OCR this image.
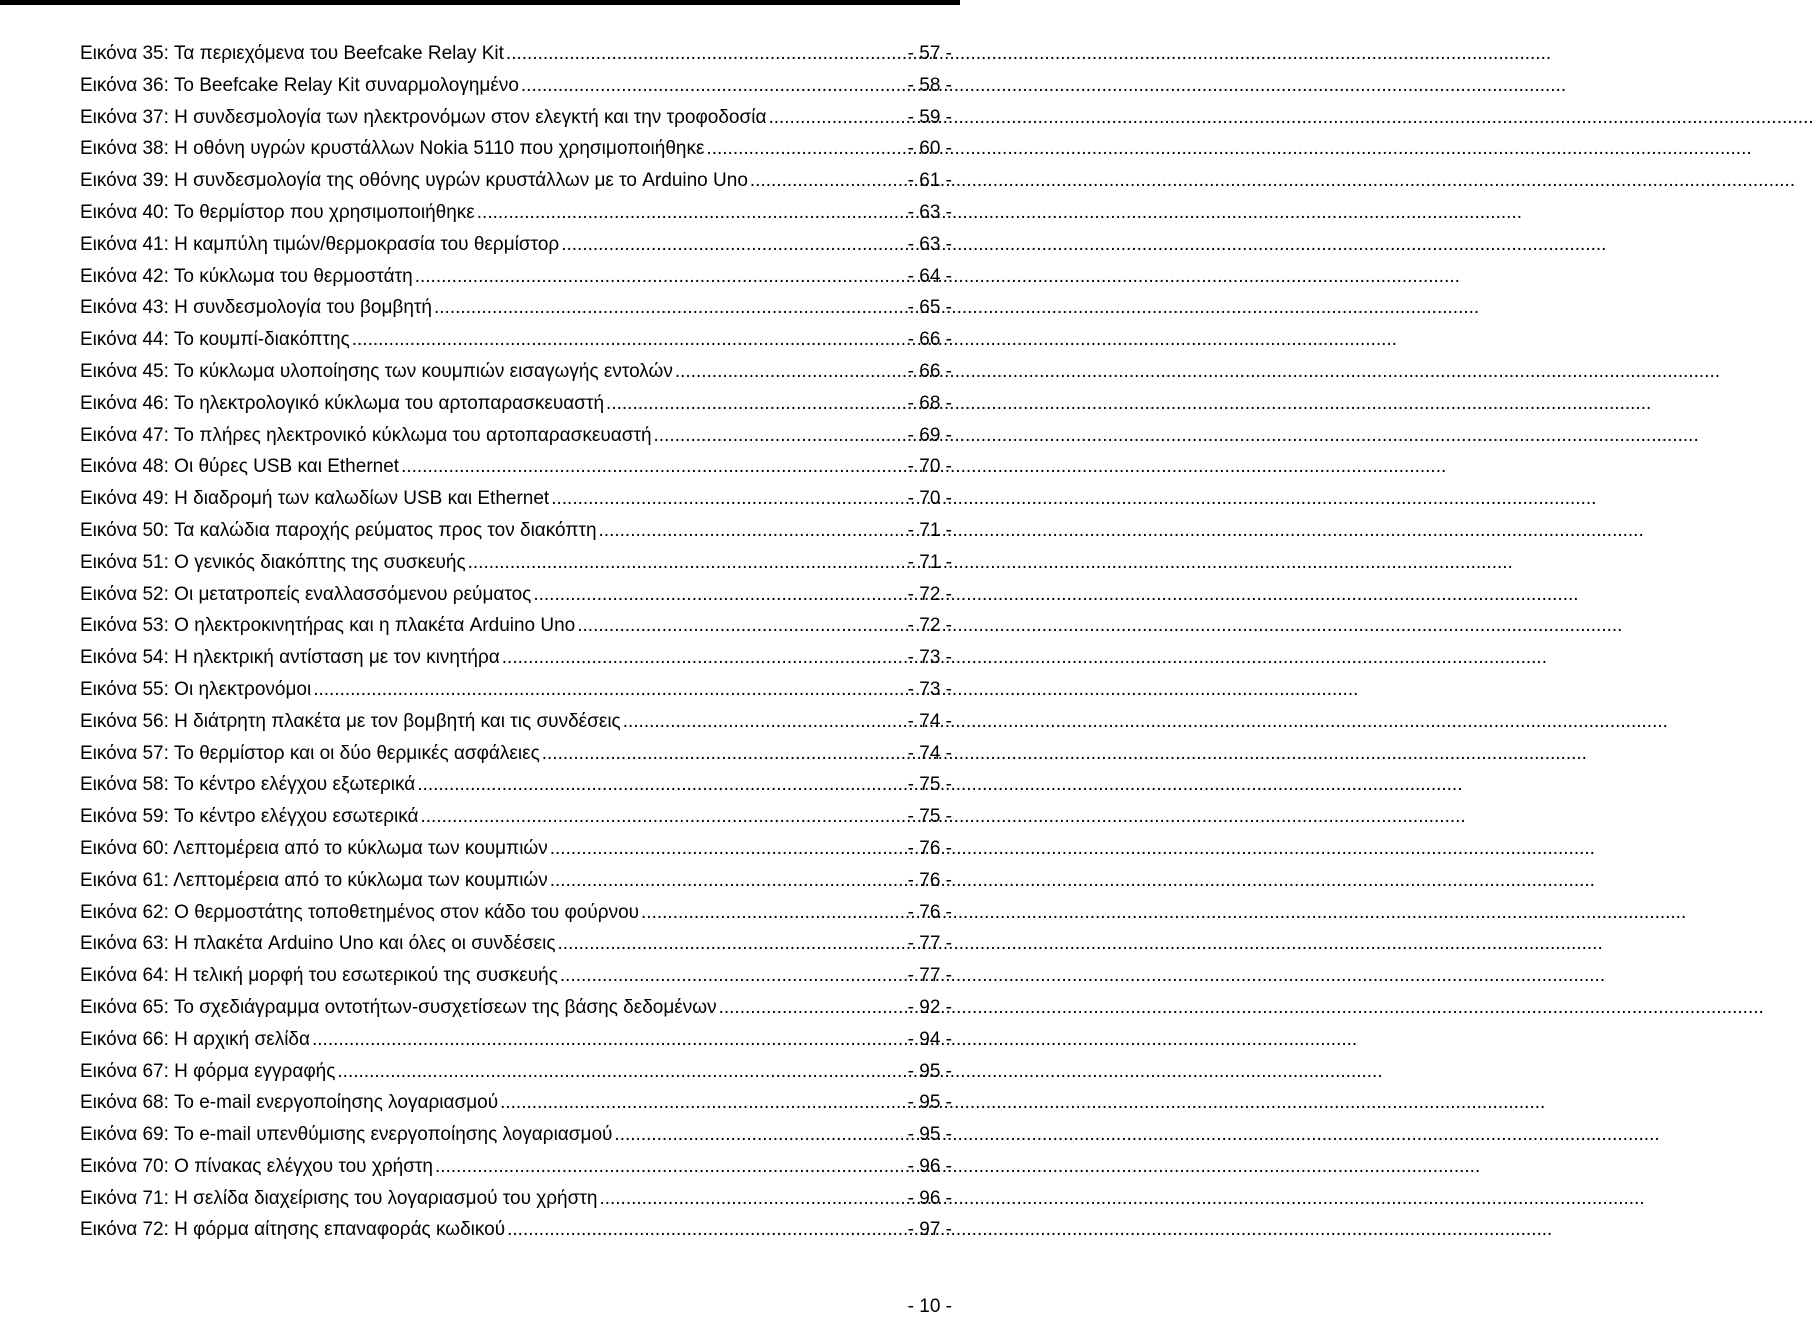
Εικόνα 35: Τα περιεχόμενα του Beefcake Relay Kit .....	- 57 -
Εικόνα 36: Το Beefcake Relay Kit συναρμολογημένο .....	- 58 -
Εικόνα 37: Η συνδεσμολογία των ηλεκτρονόμων στον ελεγκτή και την τροφοδοσία .....	- 59 -
Εικόνα 38: Η οθόνη υγρών κρυστάλλων Nokia 5110 που χρησιμοποιήθηκε .....	- 60 -
Εικόνα 39: Η συνδεσμολογία της οθόνης υγρών κρυστάλλων με το Arduino Uno .....	- 61 -
Εικόνα 40: Το θερμίστορ που χρησιμοποιήθηκε .....	- 63 -
Εικόνα 41: Η καμπύλη τιμών/θερμοκρασία του θερμίστορ .....	- 63 -
Εικόνα 42: Το κύκλωμα του θερμοστάτη .....	- 64 -
Εικόνα 43: Η συνδεσμολογία του βομβητή .....	- 65 -
Εικόνα 44: Το κουμπί-διακόπτης .....	- 66 -
Εικόνα 45: Το κύκλωμα υλοποίησης των κουμπιών εισαγωγής εντολών .....	- 66 -
Εικόνα 46: Το ηλεκτρολογικό κύκλωμα του αρτοπαρασκευαστή .....	- 68 -
Εικόνα 47: Το πλήρες ηλεκτρονικό κύκλωμα του αρτοπαρασκευαστή .....	- 69 -
Εικόνα 48: Οι θύρες USB και Ethernet .....	- 70 -
Εικόνα 49: Η διαδρομή των καλωδίων USB και Ethernet .....	- 70 -
Εικόνα 50: Τα καλώδια παροχής ρεύματος προς τον διακόπτη .....	- 71 -
Εικόνα 51: Ο γενικός διακόπτης της συσκευής .....	- 71 -
Εικόνα 52: Οι μετατροπείς εναλλασσόμενου ρεύματος .....	- 72 -
Εικόνα 53: Ο ηλεκτροκινητήρας και η πλακέτα Arduino Uno .....	- 72 -
Εικόνα 54: Η ηλεκτρική αντίσταση με τον κινητήρα .....	- 73 -
Εικόνα 55: Οι ηλεκτρονόμοι .....	- 73 -
Εικόνα 56: Η διάτρητη πλακέτα με τον βομβητή και τις συνδέσεις .....	- 74 -
Εικόνα 57: Το θερμίστορ και οι δύο θερμικές ασφάλειες .....	- 74 -
Εικόνα 58: Το κέντρο ελέγχου εξωτερικά .....	- 75 -
Εικόνα 59: Το κέντρο ελέγχου εσωτερικά .....	- 75 -
Εικόνα 60: Λεπτομέρεια από το κύκλωμα των κουμπιών .....	- 76 -
Εικόνα 61: Λεπτομέρεια από το κύκλωμα των κουμπιών .....	- 76 -
Εικόνα 62: Ο θερμοστάτης τοποθετημένος στον κάδο του φούρνου .....	- 76 -
Εικόνα 63: Η πλακέτα Arduino Uno και όλες οι συνδέσεις .....	- 77 -
Εικόνα 64: Η τελική μορφή του εσωτερικού της συσκευής .....	- 77 -
Εικόνα 65: Το σχεδιάγραμμα οντοτήτων-συσχετίσεων της βάσης δεδομένων .....	- 92 -
Εικόνα 66: Η αρχική σελίδα .....	- 94 -
Εικόνα 67: Η φόρμα εγγραφής .....	- 95 -
Εικόνα 68: Το e-mail ενεργοποίησης λογαριασμού .....	- 95 -
Εικόνα 69: Το e-mail υπενθύμισης ενεργοποίησης λογαριασμού .....	- 95 -
Εικόνα 70: Ο πίνακας ελέγχου του χρήστη .....	- 96 -
Εικόνα 71: Η σελίδα διαχείρισης του λογαριασμού του χρήστη .....	- 96 -
Εικόνα 72: Η φόρμα αίτησης επαναφοράς κωδικού .....	- 97 -
- 10 -
